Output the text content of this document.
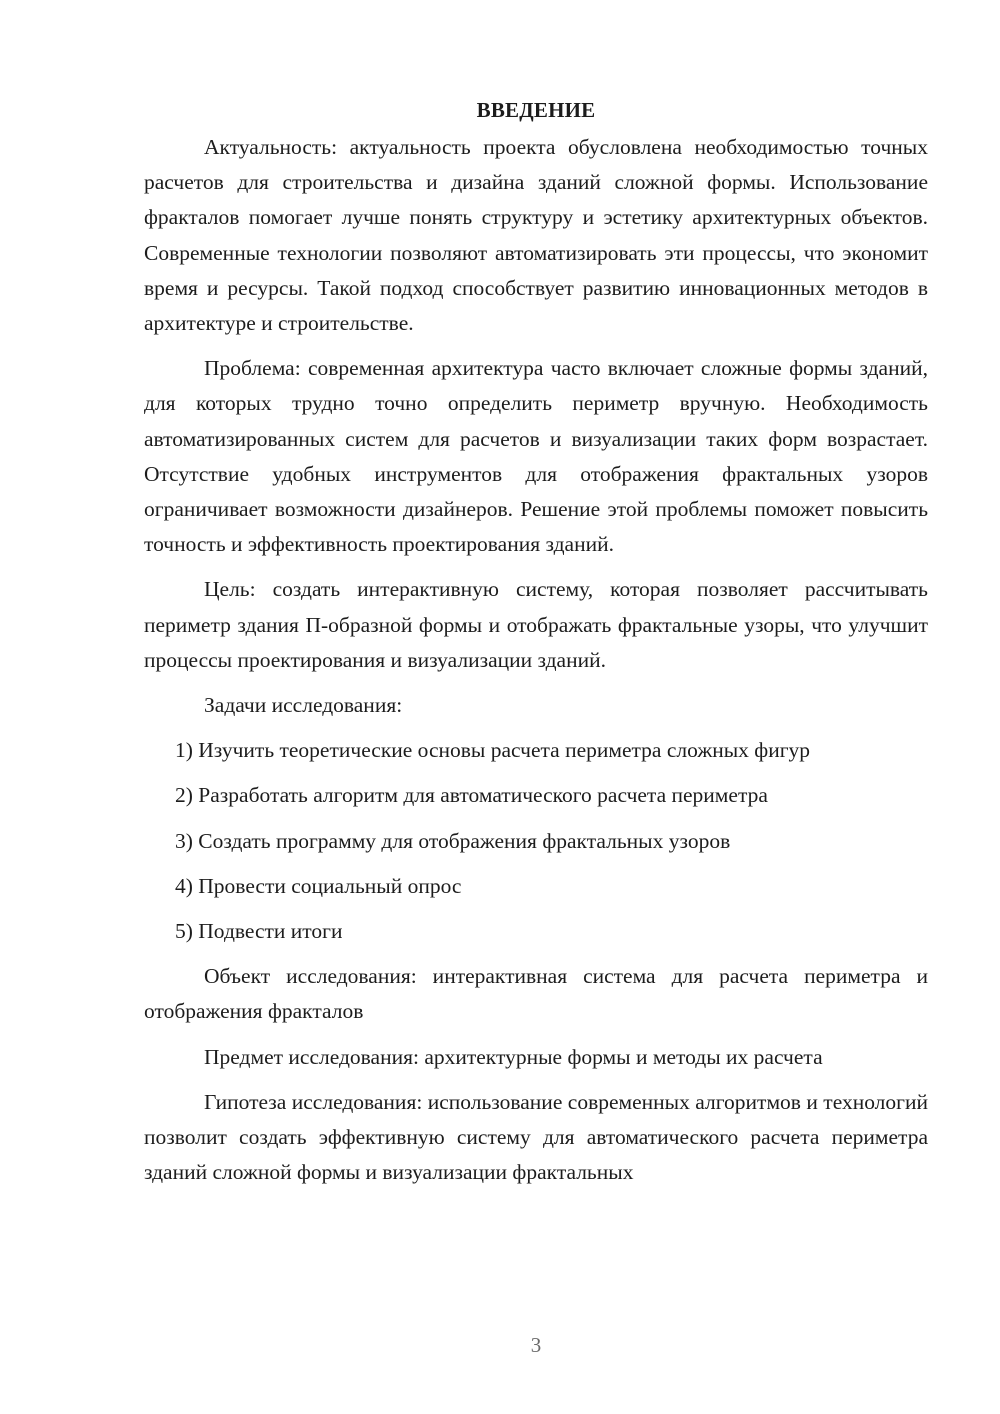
ВВЕДЕНИЕ

Актуальность: актуальность проекта обусловлена необходимостью точных расчетов для строительства и дизайна зданий сложной формы. Использование фракталов помогает лучше понять структуру и эстетику архитектурных объектов. Современные технологии позволяют автоматизировать эти процессы, что экономит время и ресурсы. Такой подход способствует развитию инновационных методов в архитектуре и строительстве.

Проблема: современная архитектура часто включает сложные формы зданий, для которых трудно точно определить периметр вручную. Необходимость автоматизированных систем для расчетов и визуализации таких форм возрастает. Отсутствие удобных инструментов для отображения фрактальных узоров ограничивает возможности дизайнеров. Решение этой проблемы поможет повысить точность и эффективность проектирования зданий.

Цель: создать интерактивную систему, которая позволяет рассчитывать периметр здания П-образной формы и отображать фрактальные узоры, что улучшит процессы проектирования и визуализации зданий.

Задачи исследования:

1) Изучить теоретические основы расчета периметра сложных фигур
2) Разработать алгоритм для автоматического расчета периметра
3) Создать программу для отображения фрактальных узоров
4) Провести социальный опрос
5) Подвести итоги

Объект исследования: интерактивная система для расчета периметра и отображения фракталов

Предмет исследования: архитектурные формы и методы их расчета

Гипотеза исследования: использование современных алгоритмов и технологий позволит создать эффективную систему для автоматического расчета периметра зданий сложной формы и визуализации фрактальных

3
